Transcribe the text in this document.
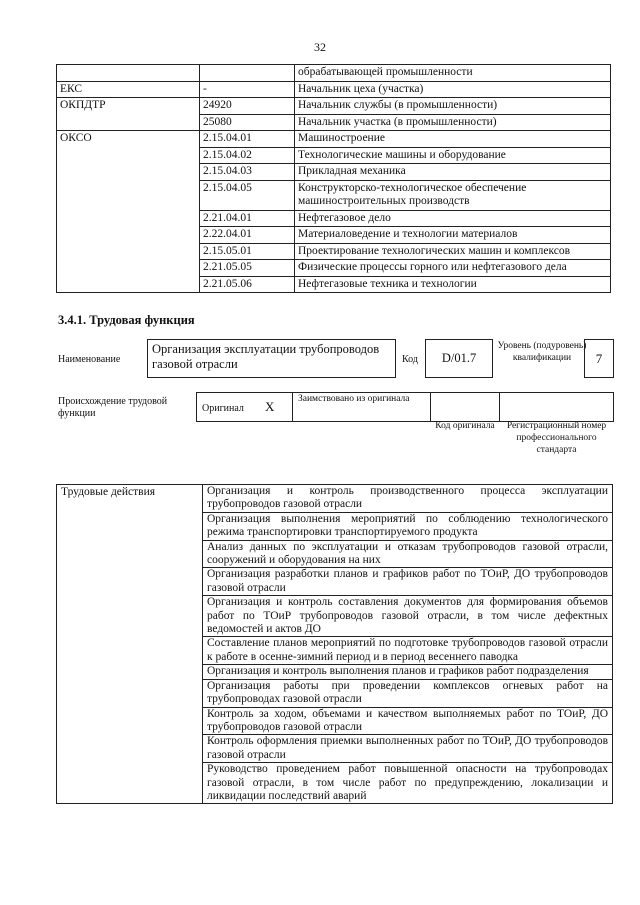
32
		обрабатывающей промышленности
ЕКС	-	Начальник цеха (участка)
ОКПДТР	24920	Начальник службы (в промышленности)
	25080	Начальник участка (в промышленности)
ОКСО	2.15.04.01	Машиностроение
	2.15.04.02	Технологические машины и оборудование
	2.15.04.03	Прикладная механика
	2.15.04.05	Конструкторско-технологическое обеспечение машиностроительных производств
	2.21.04.01	Нефтегазовое дело
	2.22.04.01	Материаловедение и технологии материалов
	2.15.05.01	Проектирование технологических машин и комплексов
	2.21.05.05	Физические процессы горного или нефтегазового дела
	2.21.05.06	Нефтегазовые техника и технологии
3.4.1. Трудовая функция
Наименование
Организация эксплуатации трубопроводов газовой отрасли	Код	D/01.7
Уровень (подуровень) квалификации	7
Происхождение трудовой функции	Оригинал X Заимствовано из оригинала
Код оригинала	Регистрационный номер профессионального стандарта
Трудовые действия	Организация и контроль производственного процесса эксплуатации трубопроводов газовой отрасли
Организация выполнения мероприятий по соблюдению технологического режима транспортировки транспортируемого продукта
Анализ данных по эксплуатации и отказам трубопроводов газовой отрасли, сооружений и оборудования на них
Организация разработки планов и графиков работ по ТОиР, ДО трубопроводов газовой отрасли
Организация и контроль составления документов для формирования объемов работ по ТОиР трубопроводов газовой отрасли, в том числе дефектных ведомостей и актов ДО
Составление планов мероприятий по подготовке трубопроводов газовой отрасли к работе в осенне-зимний период и в период весеннего паводка
Организация и контроль выполнения планов и графиков работ подразделения
Организация работы при проведении комплексов огневых работ на трубопроводах газовой отрасли
Контроль за ходом, объемами и качеством выполняемых работ по ТОиР, ДО трубопроводов газовой отрасли
Контроль оформления приемки выполненных работ по ТОиР, ДО трубопроводов газовой отрасли
Руководство проведением работ повышенной опасности на трубопроводах газовой отрасли, в том числе работ по предупреждению, локализации и ликвидации последствий аварий
